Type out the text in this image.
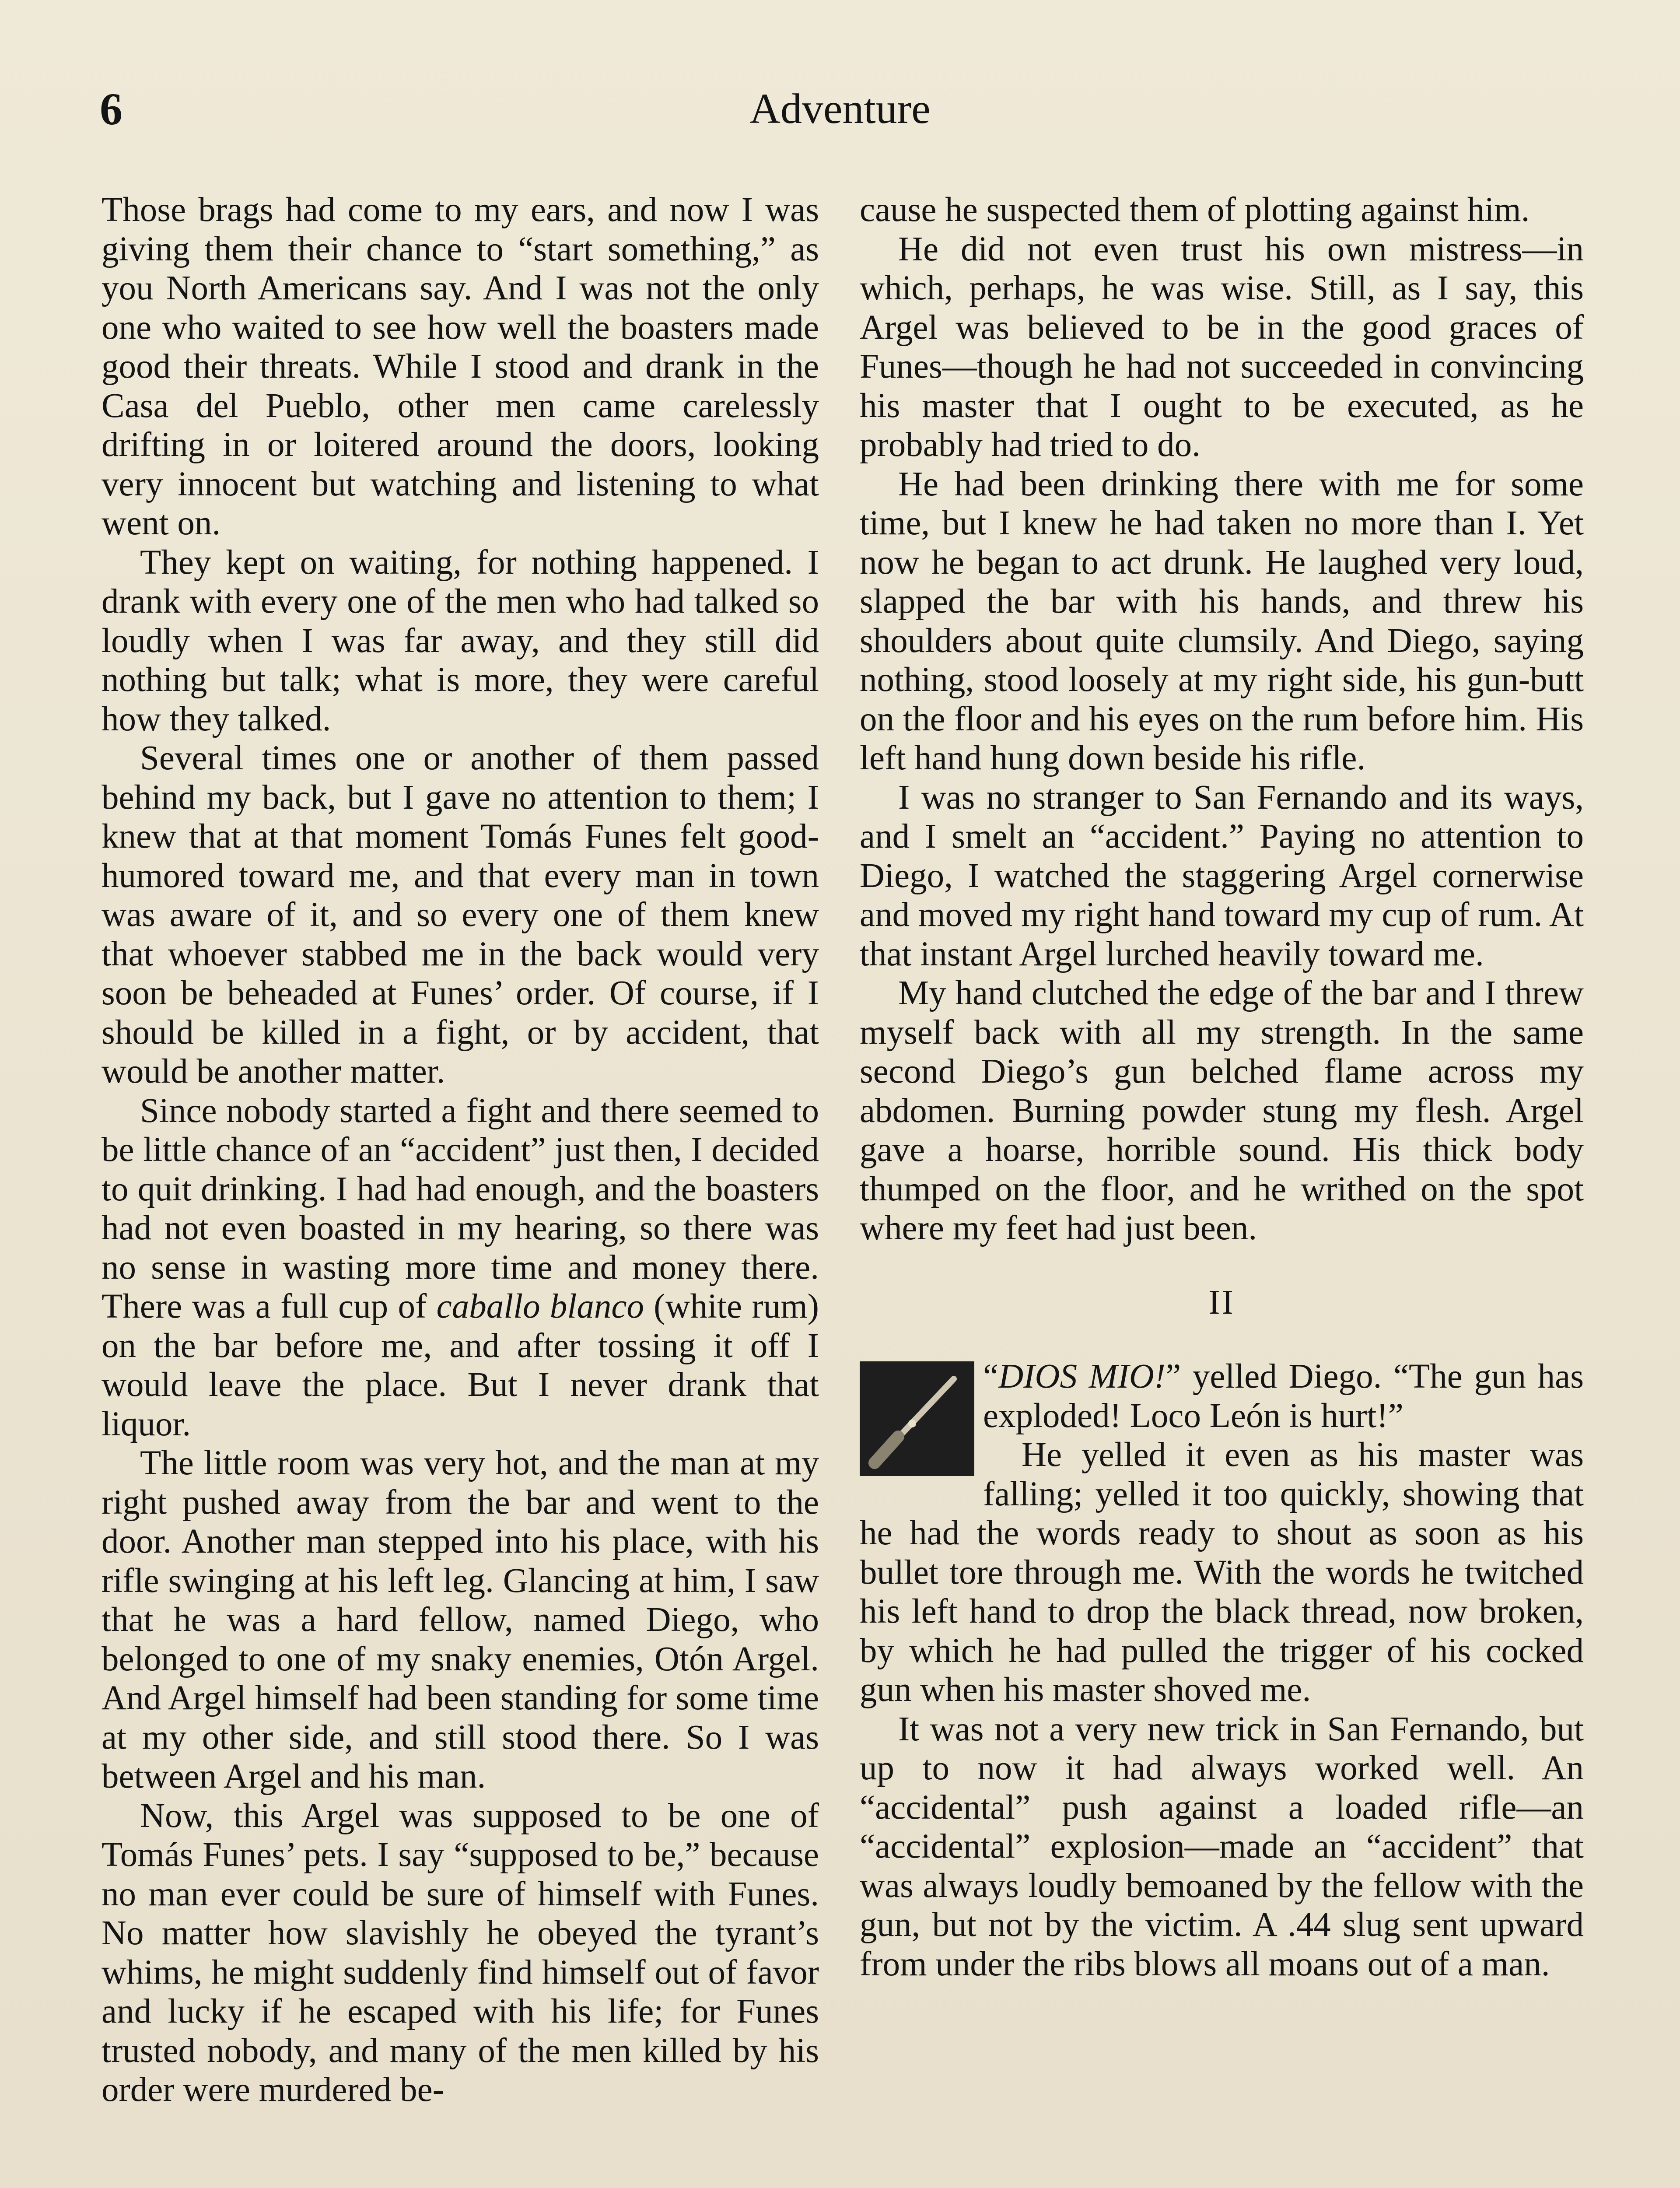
6	Adventure

Those brags had come to my ears, and now I was giving them their chance to “start something,” as you North Americans say. And I was not the only one who waited to see how well the boasters made good their threats. While I stood and drank in the Casa del Pueblo, other men came carelessly drifting in or loitered around the doors, looking very innocent but watching and listening to what went on.

They kept on waiting, for nothing happened. I drank with every one of the men who had talked so loudly when I was far away, and they still did nothing but talk; what is more, they were careful how they talked.

Several times one or another of them passed behind my back, but I gave no attention to them; I knew that at that moment Tomás Funes felt good-humored toward me, and that every man in town was aware of it, and so every one of them knew that whoever stabbed me in the back would very soon be beheaded at Funes’ order. Of course, if I should be killed in a fight, or by accident, that would be another matter.

Since nobody started a fight and there seemed to be little chance of an “accident” just then, I decided to quit drinking. I had had enough, and the boasters had not even boasted in my hearing, so there was no sense in wasting more time and money there. There was a full cup of caballo blanco (white rum) on the bar before me, and after tossing it off I would leave the place. But I never drank that liquor.

The little room was very hot, and the man at my right pushed away from the bar and went to the door. Another man stepped into his place, with his rifle swinging at his left leg. Glancing at him, I saw that he was a hard fellow, named Diego, who belonged to one of my snaky enemies, Otón Argel. And Argel himself had been standing for some time at my other side, and still stood there. So I was between Argel and his man.

Now, this Argel was supposed to be one of Tomás Funes’ pets. I say “supposed to be,” because no man ever could be sure of himself with Funes. No matter how slavishly he obeyed the tyrant’s whims, he might suddenly find himself out of favor and lucky if he escaped with his life; for Funes trusted nobody, and many of the men killed by his order were murdered be-

cause he suspected them of plotting against him.

He did not even trust his own mistress—in which, perhaps, he was wise. Still, as I say, this Argel was believed to be in the good graces of Funes—though he had not succeeded in convincing his master that I ought to be executed, as he probably had tried to do.

He had been drinking there with me for some time, but I knew he had taken no more than I. Yet now he began to act drunk. He laughed very loud, slapped the bar with his hands, and threw his shoulders about quite clumsily. And Diego, saying nothing, stood loosely at my right side, his gun-butt on the floor and his eyes on the rum before him. His left hand hung down beside his rifle.

I was no stranger to San Fernando and its ways, and I smelt an “accident.” Paying no attention to Diego, I watched the staggering Argel cornerwise and moved my right hand toward my cup of rum. At that instant Argel lurched heavily toward me.

My hand clutched the edge of the bar and I threw myself back with all my strength. In the same second Diego’s gun belched flame across my abdomen. Burning powder stung my flesh. Argel gave a hoarse, horrible sound. His thick body thumped on the floor, and he writhed on the spot where my feet had just been.

II

“DIOS MIO!” yelled Diego. “The gun has exploded! Loco León is hurt!”

He yelled it even as his master was falling; yelled it too quickly, showing that he had the words ready to shout as soon as his bullet tore through me. With the words he twitched his left hand to drop the black thread, now broken, by which he had pulled the trigger of his cocked gun when his master shoved me.

It was not a very new trick in San Fernando, but up to now it had always worked well. An “accidental” push against a loaded rifle—an “accidental” explosion—made an “accident” that was always loudly bemoaned by the fellow with the gun, but not by the victim. A .44 slug sent upward from under the ribs blows all moans out of a man.
